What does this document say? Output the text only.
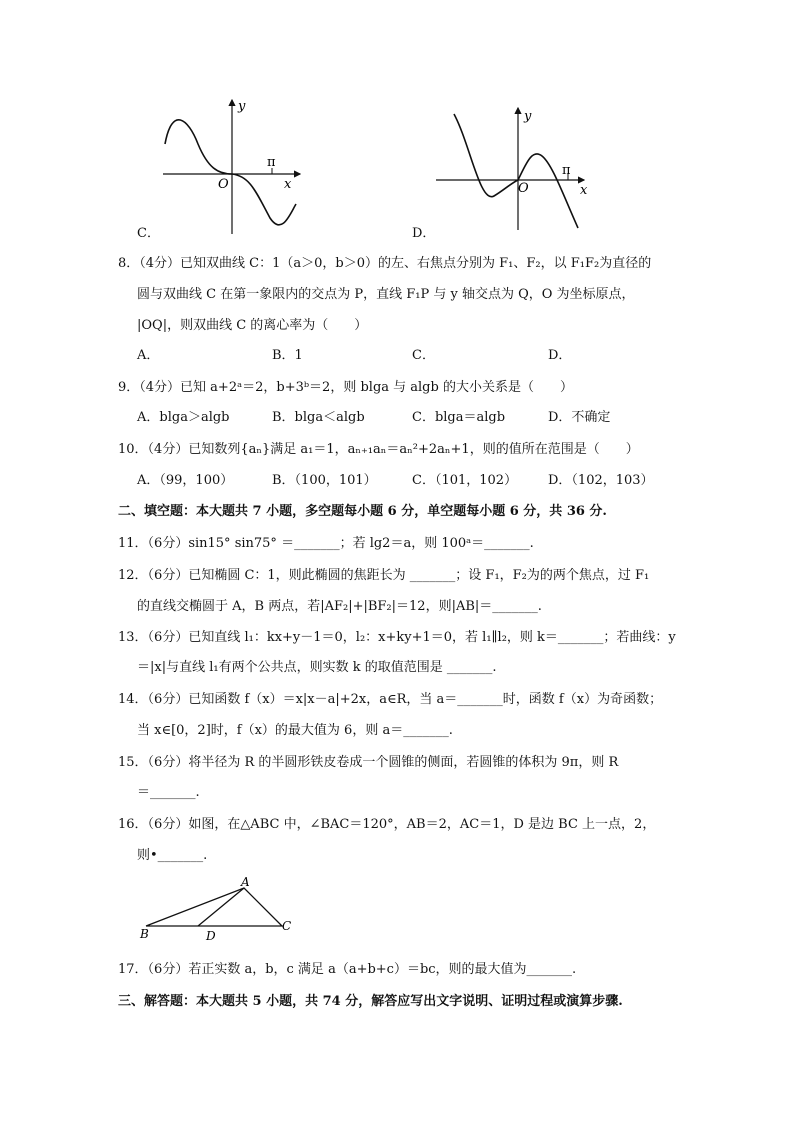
y
x
O
π
C．
y
x
O
π
D．
8．（4分）已知双曲线 C：1（a＞0，b＞0）的左、右焦点分别为 F₁、F₂，以 F₁F₂为直径的
圆与双曲线 C 在第一象限内的交点为 P，直线 F₁P 与 y 轴交点为 Q，O 为坐标原点，
|OQ|，则双曲线 C 的离心率为（　　）
A．	B．1	C．	D．
9．（4分）已知 a+2ᵃ＝2，b+3ᵇ＝2，则 blga 与 algb 的大小关系是（　　）
A．blga＞algb	B．blga＜algb	C．blga＝algb	D．不确定
10．（4分）已知数列{aₙ}满足 a₁＝1，aₙ₊₁aₙ＝aₙ²+2aₙ+1，则的值所在范围是（　　）
A．（99，100）	B．（100，101）	C．（101，102） D．（102，103）
二、填空题：本大题共 7 小题，多空题每小题 6 分，单空题每小题 6 分，共 36 分.
11．（6分）sin15° sin75° ＝_______；若 lg2＝a，则 100ᵃ＝_______.
12．（6分）已知椭圆 C：1，则此椭圆的焦距长为 _______；设 F₁，F₂为的两个焦点，过 F₁
的直线交椭圆于 A，B 两点，若|AF₂|+|BF₂|＝12，则|AB|＝_______.
13．（6分）已知直线 l₁：kx+y－1＝0，l₂：x+ky+1＝0，若 l₁∥l₂，则 k＝_______；若曲线：y
＝|x|与直线 l₁有两个公共点，则实数 k 的取值范围是 _______.
14．（6分）已知函数 f（x）＝x|x－a|+2x，a∈R，当 a＝_______时，函数 f（x）为奇函数；
当 x∈[0，2]时，f（x）的最大值为 6，则 a＝_______.
15．（6分）将半径为 R 的半圆形铁皮卷成一个圆锥的侧面，若圆锥的体积为 9π，则 R
＝_______.
16．（6分）如图，在△ABC 中，∠BAC＝120°，AB＝2，AC＝1，D 是边 BC 上一点，2，
则•_______.
A
B
C
D
17．（6分）若正实数 a，b，c 满足 a（a+b+c）＝bc，则的最大值为_______.
三、解答题：本大题共 5 小题，共 74 分，解答应写出文字说明、证明过程或演算步骤.
